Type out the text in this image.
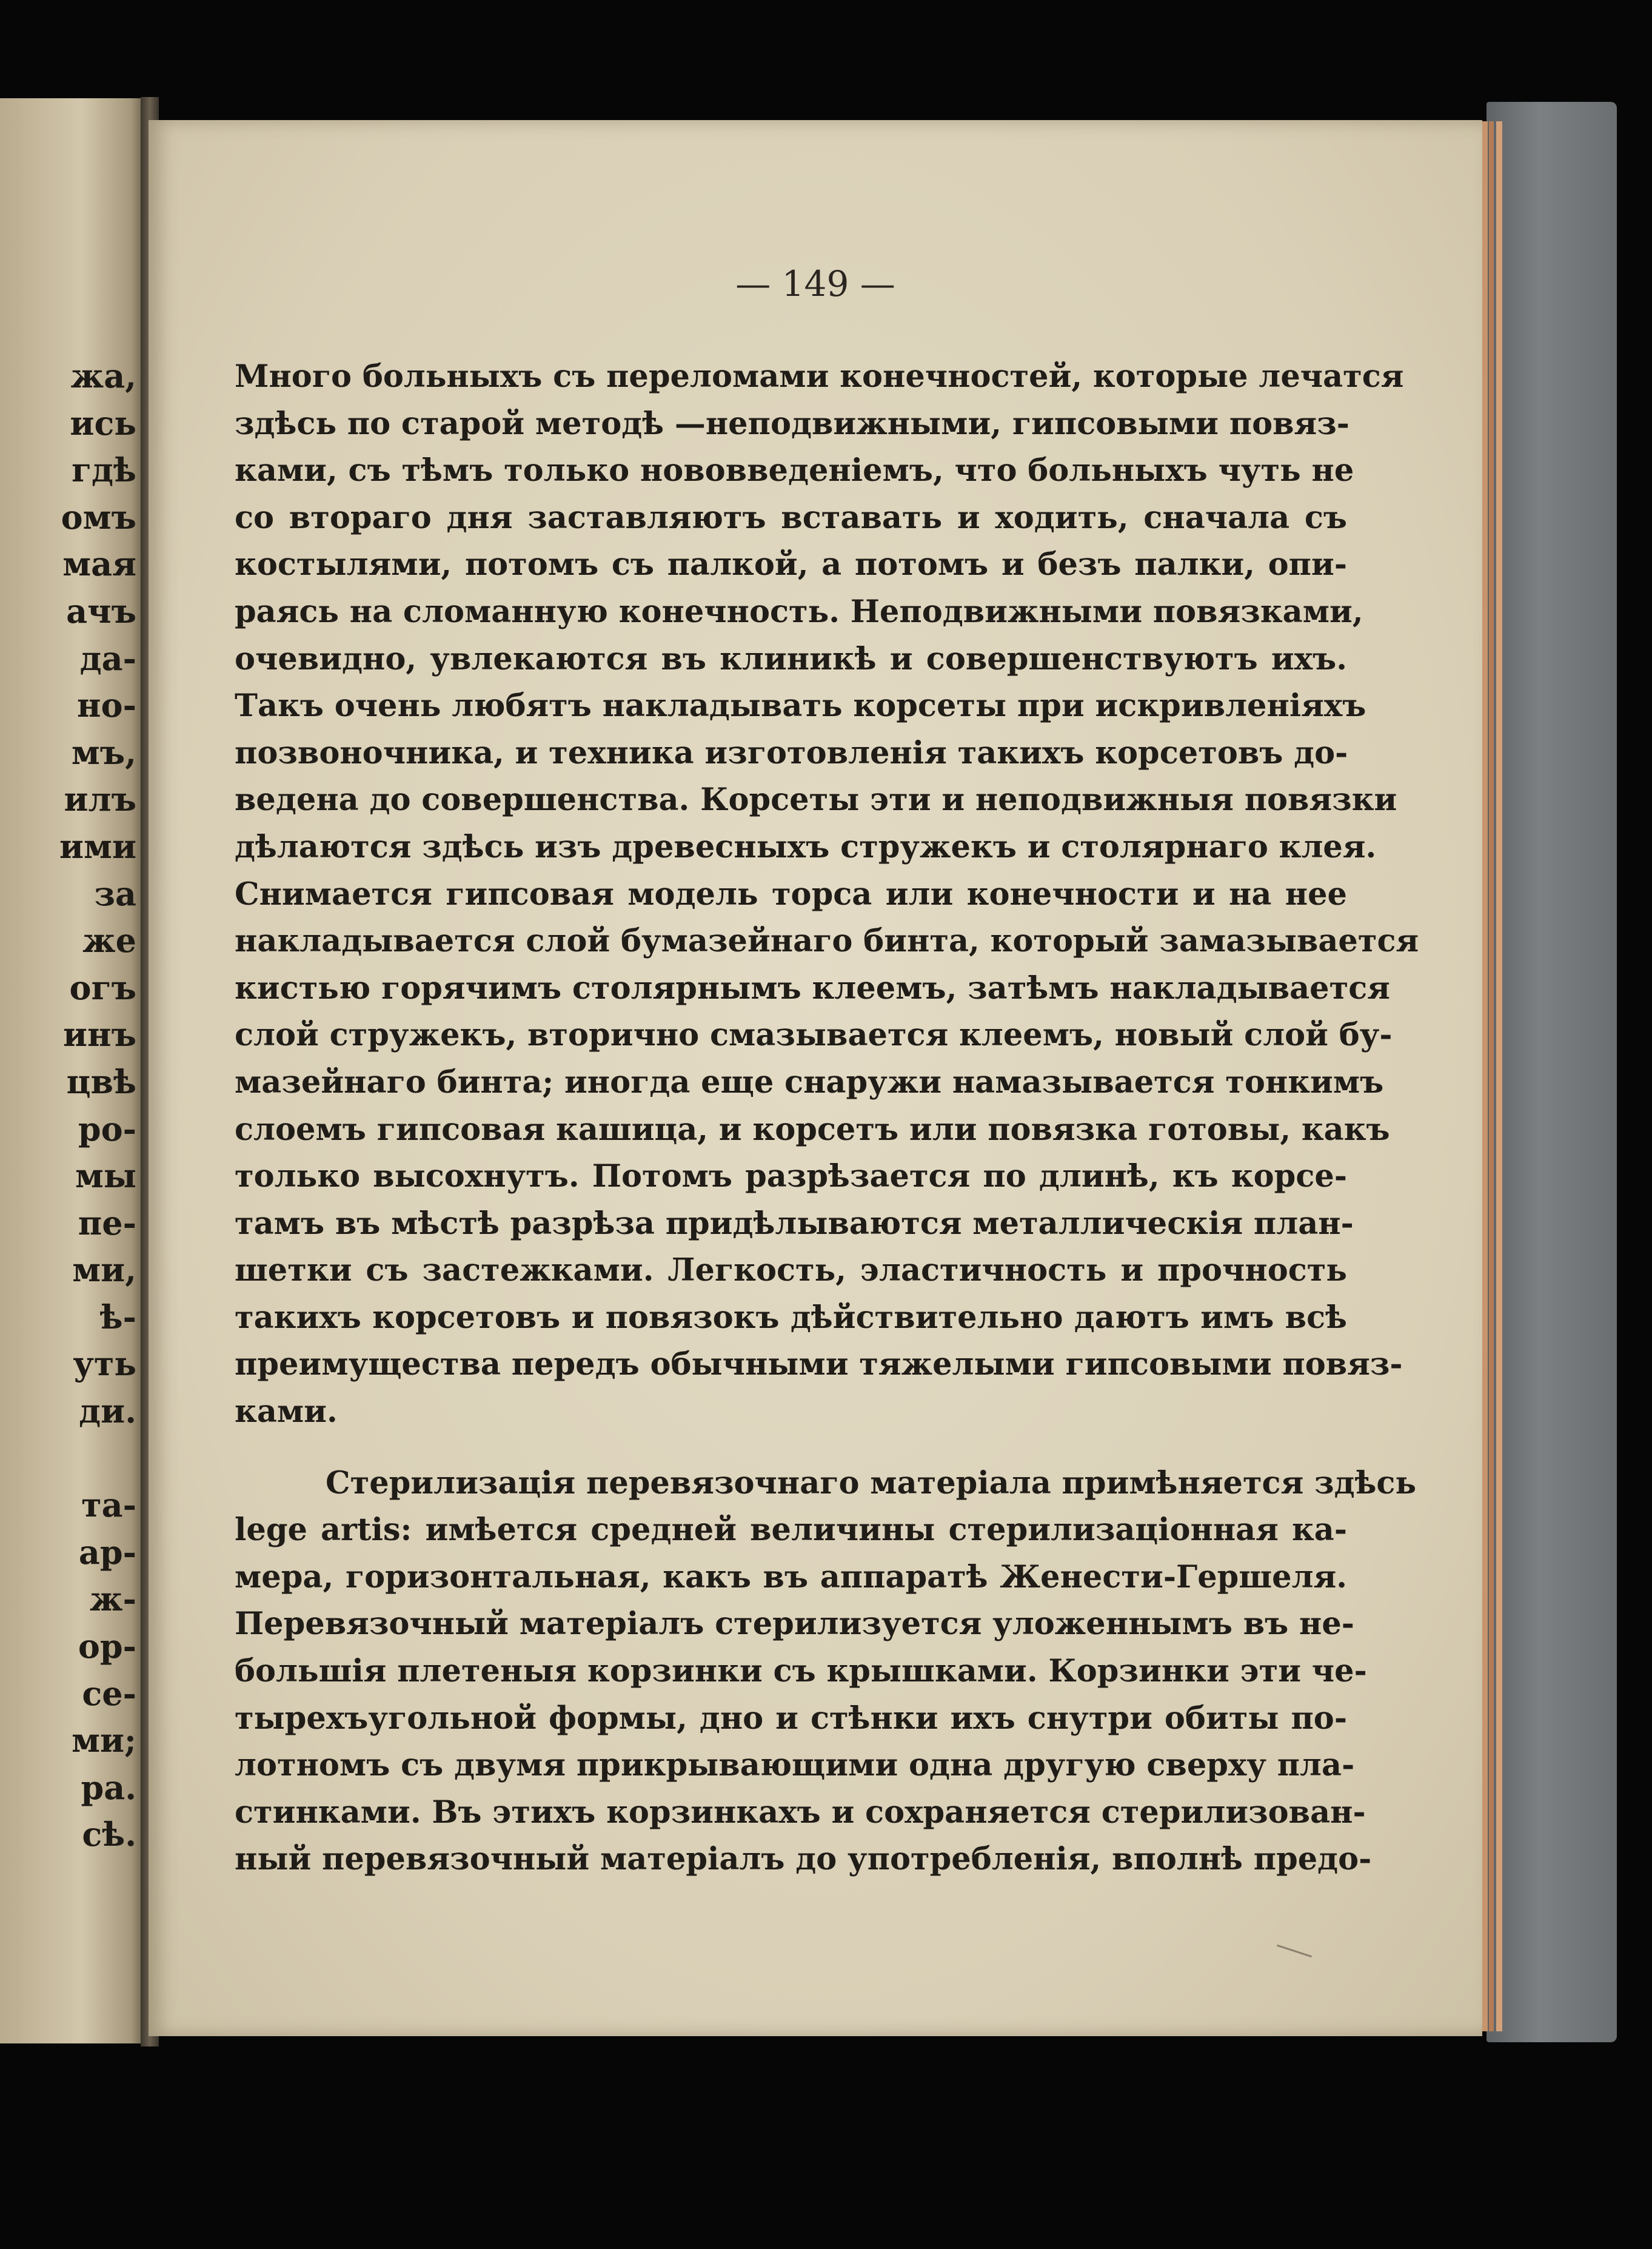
жа,
ись
гдѣ
омъ
мая
ачъ
да-
но-
мъ,
илъ
ими
за
же
огъ
инъ
цвѣ
ро-
мы
пе-
ми,
ѣ-
уть
ди.
та-
ар-
ж-
ор-
се-
ми;
ра.
сѣ.
— 149 —
Много больныхъ съ переломами конечностей, которые лечатся
здѣсь по старой методѣ —неподвижными, гипсовыми повяз-
ками, съ тѣмъ только нововведеніемъ, что больныхъ чуть не
со втораго дня заставляютъ вставать и ходить, сначала съ
костылями, потомъ съ палкой, а потомъ и безъ палки, опи-
раясь на сломанную конечность. Неподвижными повязками,
очевидно, увлекаются въ клиникѣ и совершенствуютъ ихъ.
Такъ очень любятъ накладывать корсеты при искривленіяхъ
позвоночника, и техника изготовленія такихъ корсетовъ до-
ведена до совершенства. Корсеты эти и неподвижныя повязки
дѣлаются здѣсь изъ древесныхъ стружекъ и столярнаго клея.
Снимается гипсовая модель торса или конечности и на нее
накладывается слой бумазейнаго бинта, который замазывается
кистью горячимъ столярнымъ клеемъ, затѣмъ накладывается
слой стружекъ, вторично смазывается клеемъ, новый слой бу-
мазейнаго бинта; иногда еще снаружи намазывается тонкимъ
слоемъ гипсовая кашица, и корсетъ или повязка готовы, какъ
только высохнутъ. Потомъ разрѣзается по длинѣ, къ корсе-
тамъ въ мѣстѣ разрѣза придѣлываются металлическія план-
шетки съ застежками. Легкость, эластичность и прочность
такихъ корсетовъ и повязокъ дѣйствительно даютъ имъ всѣ
преимущества передъ обычными тяжелыми гипсовыми повяз-
ками.
Стерилизація перевязочнаго матеріала примѣняется здѣсь
lege artis: имѣется средней величины стерилизаціонная ка-
мера, горизонтальная, какъ въ аппаратѣ Женести-Гершеля.
Перевязочный матеріалъ стерилизуется уложеннымъ въ не-
большія плетеныя корзинки съ крышками. Корзинки эти че-
тырехъугольной формы, дно и стѣнки ихъ снутри обиты по-
лотномъ съ двумя прикрывающими одна другую сверху пла-
стинками. Въ этихъ корзинкахъ и сохраняется стерилизован-
ный перевязочный матеріалъ до употребленія, вполнѣ предо-
